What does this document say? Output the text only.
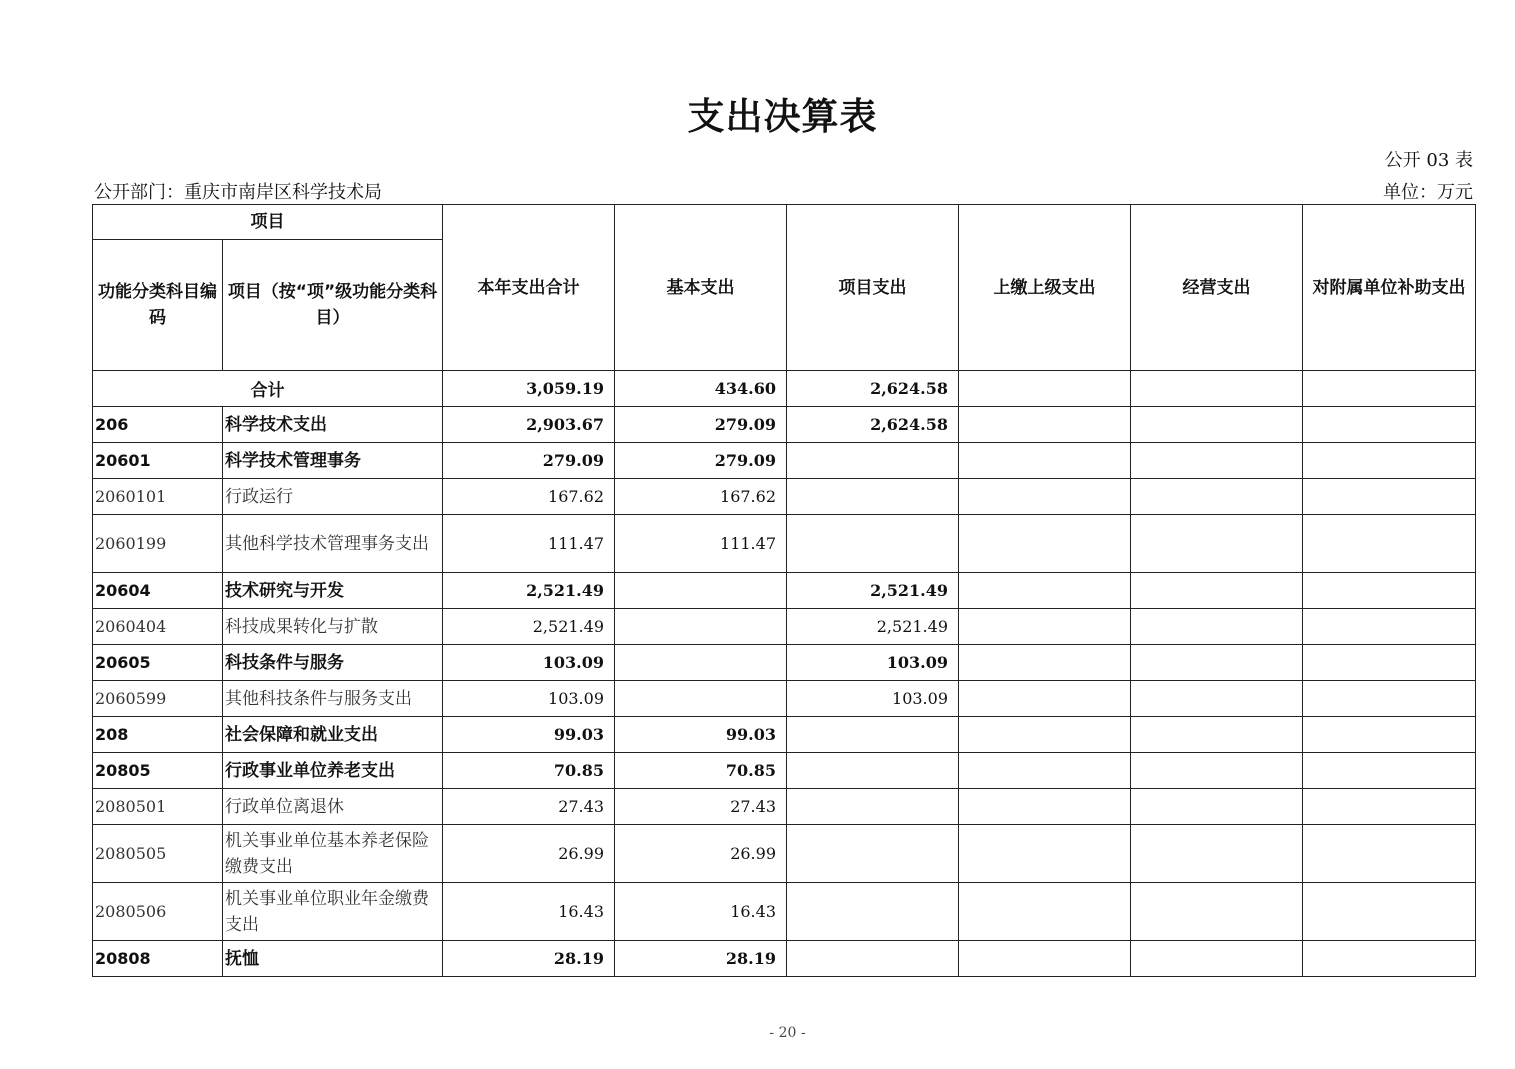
支出决算表
公开 03 表
公开部门：重庆市南岸区科学技术局	单位：万元
项目		本年支出合计	基本支出	项目支出	上缴上级支出	经营支出	对附属单位补助支出
功能分类科目编码	项目（按“项”级功能分类科目）						
合计		3,059.19	434.60	2,624.58			
206	科学技术支出	2,903.67	279.09	2,624.58			
20601	科学技术管理事务	279.09	279.09				
2060101	行政运行	167.62	167.62				
2060199	其他科学技术管理事务支出	111.47	111.47				
20604	技术研究与开发	2,521.49		2,521.49			
2060404	科技成果转化与扩散	2,521.49		2,521.49			
20605	科技条件与服务	103.09		103.09			
2060599	其他科技条件与服务支出	103.09		103.09			
208	社会保障和就业支出	99.03	99.03				
20805	行政事业单位养老支出	70.85	70.85				
2080501	行政单位离退休	27.43	27.43				
2080505	机关事业单位基本养老保险缴费支出	26.99	26.99				
2080506	机关事业单位职业年金缴费支出	16.43	16.43				
20808	抚恤	28.19	28.19				
- 20 -
